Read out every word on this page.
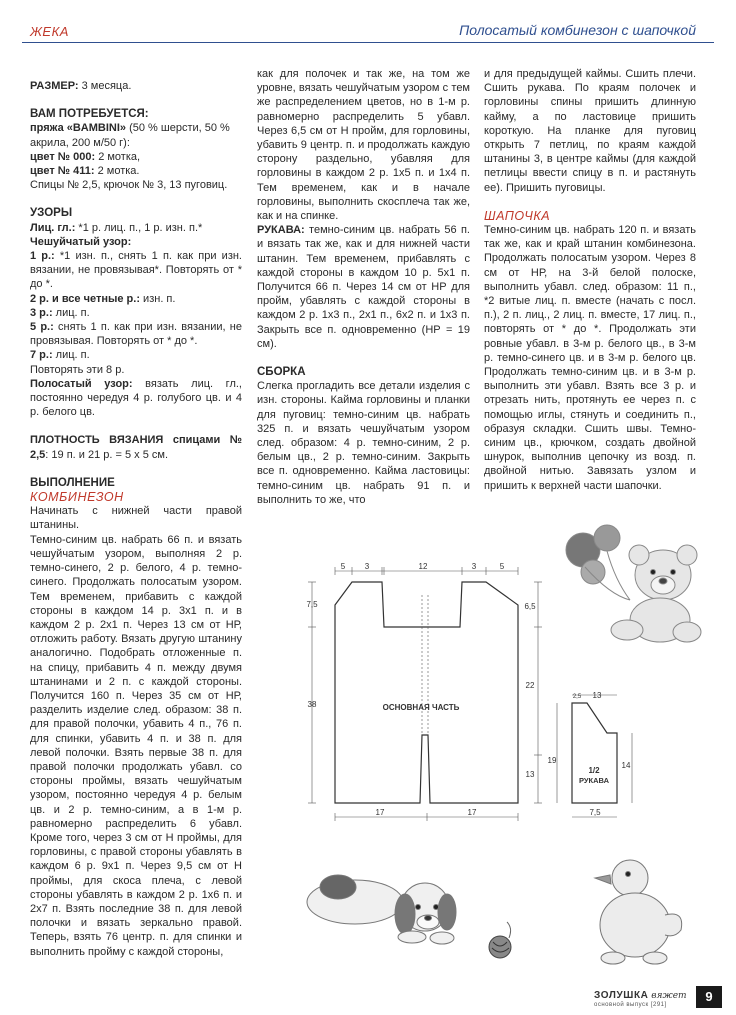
ЖЕКА	Полосатый комбинезон с шапочкой

РАЗМЕР: 3 месяца.

ВАМ ПОТРЕБУЕТСЯ:

пряжа «BAMBINI» (50 % шерсти, 50 % акрила, 200 м/50 г):

цвет № 000: 2 мотка,

цвет № 411: 2 мотка.

Спицы № 2,5, крючок № 3, 13 пуговиц.

УЗОРЫ

Лиц. гл.: *1 р. лиц. п., 1 р. изн. п.*

Чешуйчатый узор:

1 р.: *1 изн. п., снять 1 п. как при изн. вязании, не провязывая*. Повторять от * до *.

2 р. и все четные р.: изн. п.

3 р.: лиц. п.

5 р.: снять 1 п. как при изн. вязании, не провязывая. Повторять от * до *.

7 р.: лиц. п.

Повторять эти 8 р.

Полосатый узор: вязать лиц. гл., постоянно чередуя 4 р. голубого цв. и 4 р. белого цв.

ПЛОТНОСТЬ ВЯЗАНИЯ спицами № 2,5: 19 п. и 21 р. = 5 х 5 см.

ВЫПОЛНЕНИЕ

КОМБИНЕЗОН

Начинать с нижней части правой штанины.

Темно-синим цв. набрать 66 п. и вязать чешуйчатым узором, выполняя 2 р. темно-синего, 2 р. белого, 4 р. темно-синего. Продолжать полосатым узором. Тем временем, прибавить с каждой стороны в каждом 14 р. 3х1 п. и в каждом 2 р. 2х1 п. Через 13 см от НР, отложить работу. Вязать другую штанину аналогично. Подобрать отложенные п. на спицу, прибавить 4 п. между двумя штанинами и 2 п. с каждой стороны. Получится 160 п. Через 35 см от НР, разделить изделие след. образом: 38 п. для правой полочки, убавить 4 п., 76 п. для спинки, убавить 4 п. и 38 п. для левой полочки. Взять первые 38 п. для правой полочки продолжать убавл. со стороны проймы, вязать чешуйчатым узором, постоянно чередуя 4 р. белым цв. и 2 р. темно-синим, а в 1-м р. равномерно распределить 6 убавл. Кроме того, через 3 см от Н проймы, для горловины, с правой стороны убавлять в каждом 6 р. 9х1 п. Через 9,5 см от Н проймы, для скоса плеча, с левой стороны убавлять в каждом 2 р. 1х6 п. и 2х7 п. Взять последние 38 п. для левой полочки и вязать зеркально правой. Теперь, взять 76 центр. п. для спинки и выполнить пройму с каждой стороны,

как для полочек и так же, на том же уровне, вязать чешуйчатым узором с тем же распределением цветов, но в 1-м р. равномерно распределить 5 убавл. Через 6,5 см от Н пройм, для горловины, убавить 9 центр. п. и продолжать каждую сторону раздельно, убавляя для горловины в каждом 2 р. 1х5 п. и 1х4 п. Тем временем, как и в начале горловины, выполнить скосплеча так же, как и на спинке.

РУКАВА: темно-синим цв. набрать 56 п. и вязать так же, как и для нижней части штанин. Тем временем, прибавлять с каждой стороны в каждом 10 р. 5х1 п. Получится 66 п. Через 14 см от НР для пройм, убавлять с каждой стороны в каждом 2 р. 1х3 п., 2х1 п., 6х2 п. и 1х3 п. Закрыть все п. одновременно (НР = 19 см).

СБОРКА

Слегка прогладить все детали изделия с изн. стороны. Кайма горловины и планки для пуговиц: темно-синим цв. набрать 325 п. и вязать чешуйчатым узором след. образом: 4 р. темно-синим, 2 р. белым цв., 2 р. темно-синим. Закрыть все п. одновременно. Кайма ластовицы: темно-синим цв. набрать 91 п. и выполнить то же, что

и для предыдущей каймы. Сшить плечи. Сшить рукава. По краям полочек и горловины спины пришить длинную кайму, а по ластовице пришить короткую. На планке для пуговиц открыть 7 петлиц, по краям каждой штанины 3, в центре каймы (для каждой петлицы ввести спицу в п. и растянуть ее). Пришить пуговицы.

ШАПОЧКА

Темно-синим цв. набрать 120 п. и вязать так же, как и край штанин комбинезона. Продолжать полосатым узором. Через 8 см от НР, на 3-й белой полоске, выполнить убавл. след. образом: 11 п., *2 витые лиц. п. вместе (начать с посл. п.), 2 п. лиц., 2 лиц. п. вместе, 17 лиц. п., повторять от * до *. Продолжать эти ровные убавл. в 3-м р. белого цв., в 3-м р. темно-синего цв. и в 3-м р. белого цв. Продолжать темно-синим цв. и в 3-м р. выполнить эти убавл. Взять все 3 р. и отрезать нить, протянуть ее через п. с помощью иглы, стянуть и соединить п., образуя складки. Сшить швы. Темно-синим цв., крючком, создать двойной шнурок, выполнив цепочку из возд. п. двойной нитью. Завязать узлом и пришить к верхней части шапочки.

5 3	12	3	5
7,5
38
6,5
22
13
17	17
2,5 13
19
14
7,5
ОСНОВНАЯ ЧАСТЬ
1/2
РУКАВА
ЗОЛУШКА вяжет
основной выпуск [291]
9
